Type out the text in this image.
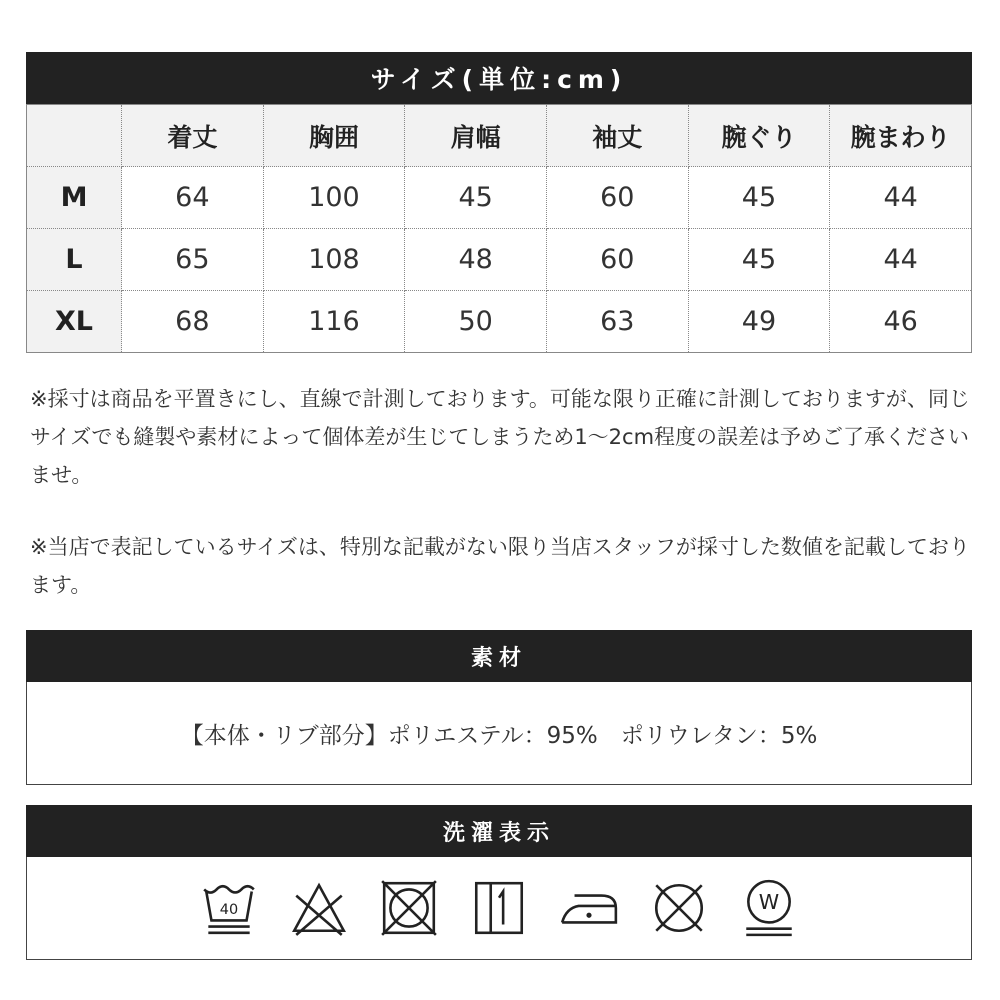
サイズ(単位:cm)
	着丈	胸囲	肩幅	袖丈	腕ぐり	腕まわり
M	64	100	45	60	45	44
L	65	108	48	60	45	44
XL	68	116	50	63	49	46

※採寸は商品を平置きにし、直線で計測しております。可能な限り正確に計測しておりますが、同じサイズでも縫製や素材によって個体差が生じてしまうため1～2cm程度の誤差は予めご了承くださいませ。

※当店で表記しているサイズは、特別な記載がない限り当店スタッフが採寸した数値を記載しております。

素材
【本体・リブ部分】ポリエステル：95%　ポリウレタン：5%
洗濯表示
40	W
